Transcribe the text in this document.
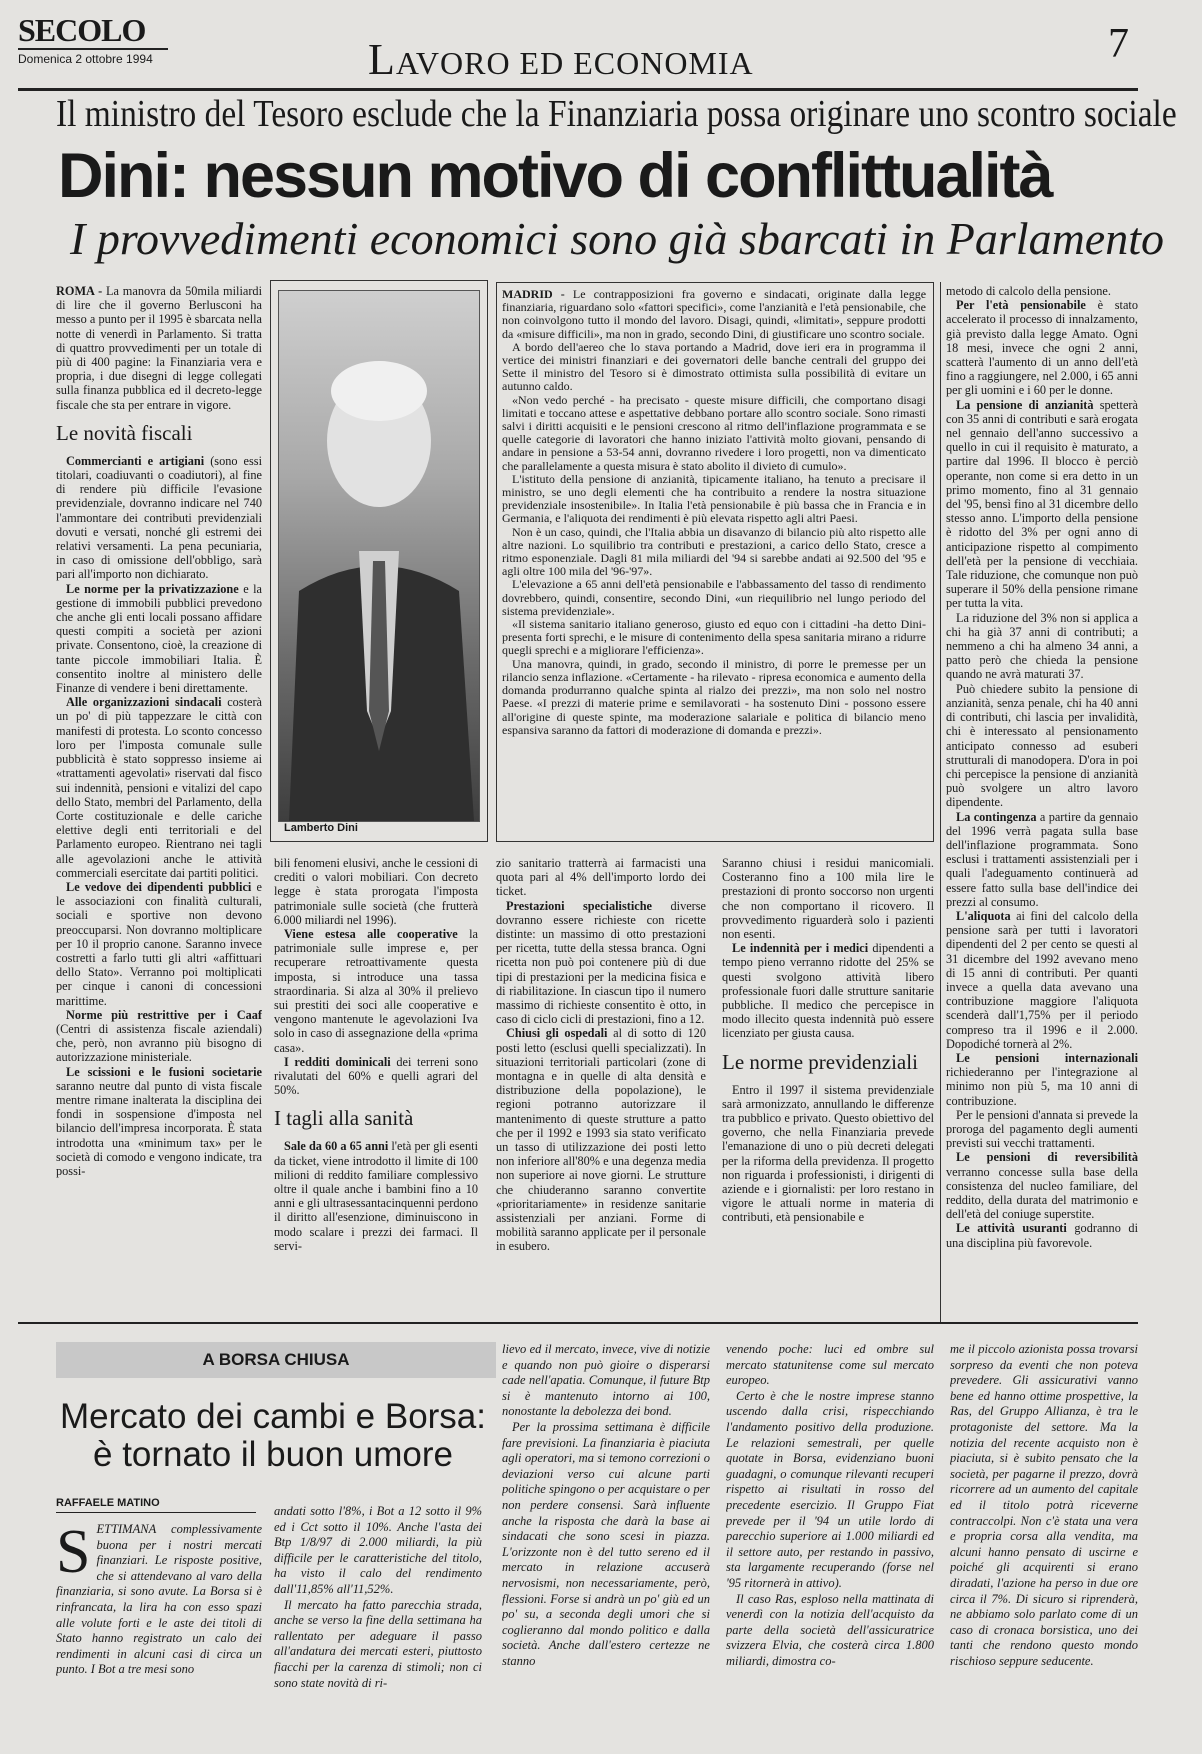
SECOLO
Domenica 2 ottobre 1994	LAVORO ED ECONOMIA	7
Il ministro del Tesoro esclude che la Finanziaria possa originare uno scontro sociale
Dini: nessun motivo di conflittualità
I provvedimenti economici sono già sbarcati in Parlamento

ROMA - La manovra da 50mila miliardi di lire che il governo Berlusconi ha messo a punto per il 1995 è sbarcata nella notte di venerdì in Parlamento. Si tratta di quattro provvedimenti per un totale di più di 400 pagine: la Finanziaria vera e propria, i due disegni di legge collegati sulla finanza pubblica ed il decreto-legge fiscale che sta per entrare in vigore.

Le novità fiscali

Commercianti e artigiani (sono essi titolari, coadiuvanti o coadiutori), al fine di rendere più difficile l'evasione previdenziale, dovranno indicare nel 740 l'ammontare dei contributi previdenziali dovuti e versati, nonché gli estremi dei relativi versamenti. La pena pecuniaria, in caso di omissione dell'obbligo, sarà pari all'importo non dichiarato.

Le norme per la privatizzazione e la gestione di immobili pubblici prevedono che anche gli enti locali possano affidare questi compiti a società per azioni private. Consentono, cioè, la creazione di tante piccole immobiliari Italia. È consentito inoltre al ministero delle Finanze di vendere i beni direttamente.

Alle organizzazioni sindacali costerà un po' di più tappezzare le città con manifesti di protesta. Lo sconto concesso loro per l'imposta comunale sulle pubblicità è stato soppresso insieme ai «trattamenti agevolati» riservati dal fisco sui indennità, pensioni e vitalizi del capo dello Stato, membri del Parlamento, della Corte costituzionale e delle cariche elettive degli enti territoriali e del Parlamento europeo. Rientrano nei tagli alle agevolazioni anche le attività commerciali esercitate dai partiti politici.

Le vedove dei dipendenti pubblici e le associazioni con finalità culturali, sociali e sportive non devono preoccuparsi. Non dovranno moltiplicare per 10 il proprio canone. Saranno invece costretti a farlo tutti gli altri «affittuari dello Stato». Verranno poi moltiplicati per cinque i canoni di concessioni marittime.

Norme più restrittive per i Caaf (Centri di assistenza fiscale aziendali) che, però, non avranno più bisogno di autorizzazione ministeriale.

Le scissioni e le fusioni societarie saranno neutre dal punto di vista fiscale mentre rimane inalterata la disciplina dei fondi in sospensione d'imposta nel bilancio dell'impresa incorporata. È stata introdotta una «minimum tax» per le società di comodo e vengono indicate, tra possi-

Lamberto Dini

MADRID - Le contrapposizioni fra governo e sindacati, originate dalla legge finanziaria, riguardano solo «fattori specifici», come l'anzianità e l'età pensionabile, che non coinvolgono tutto il mondo del lavoro. Disagi, quindi, «limitati», seppure prodotti da «misure difficili», ma non in grado, secondo Dini, di giustificare uno scontro sociale.

A bordo dell'aereo che lo stava portando a Madrid, dove ieri era in programma il vertice dei ministri finanziari e dei governatori delle banche centrali del gruppo dei Sette il ministro del Tesoro si è dimostrato ottimista sulla possibilità di evitare un autunno caldo.

«Non vedo perché - ha precisato - queste misure difficili, che comportano disagi limitati e toccano attese e aspettative debbano portare allo scontro sociale. Sono rimasti salvi i diritti acquisiti e le pensioni crescono al ritmo dell'inflazione programmata e se quelle categorie di lavoratori che hanno iniziato l'attività molto giovani, pensando di andare in pensione a 53-54 anni, dovranno rivedere i loro progetti, non va dimenticato che parallelamente a questa misura è stato abolito il divieto di cumulo».

L'istituto della pensione di anzianità, tipicamente italiano, ha tenuto a precisare il ministro, se uno degli elementi che ha contribuito a rendere la nostra situazione previdenziale insostenibile». In Italia l'età pensionabile è più bassa che in Francia e in Germania, e l'aliquota dei rendimenti è più elevata rispetto agli altri Paesi.

Non è un caso, quindi, che l'Italia abbia un disavanzo di bilancio più alto rispetto alle altre nazioni. Lo squilibrio tra contributi e prestazioni, a carico dello Stato, cresce a ritmo esponenziale. Dagli 81 mila miliardi del '94 si sarebbe andati ai 92.500 del '95 e agli oltre 100 mila del '96-'97».

L'elevazione a 65 anni dell'età pensionabile e l'abbassamento del tasso di rendimento dovrebbero, quindi, consentire, secondo Dini, «un riequilibrio nel lungo periodo del sistema previdenziale».

«Il sistema sanitario italiano generoso, giusto ed equo con i cittadini -ha detto Dini- presenta forti sprechi, e le misure di contenimento della spesa sanitaria mirano a ridurre quegli sprechi e a migliorare l'efficienza».

Una manovra, quindi, in grado, secondo il ministro, di porre le premesse per un rilancio senza inflazione. «Certamente - ha rilevato - ripresa economica e aumento della domanda produrranno qualche spinta al rialzo dei prezzi», ma non solo nel nostro Paese. «I prezzi di materie prime e semilavorati - ha sostenuto Dini - possono essere all'origine di queste spinte, ma moderazione salariale e politica di bilancio meno espansiva saranno da fattori di moderazione di domanda e prezzi».

bili fenomeni elusivi, anche le cessioni di crediti o valori mobiliari. Con decreto legge è stata prorogata l'imposta patrimoniale sulle società (che frutterà 6.000 miliardi nel 1996).

Viene estesa alle cooperative la patrimoniale sulle imprese e, per recuperare retroattivamente questa imposta, si introduce una tassa straordinaria. Si alza al 30% il prelievo sui prestiti dei soci alle cooperative e vengono mantenute le agevolazioni Iva solo in caso di assegnazione della «prima casa».

I redditi dominicali dei terreni sono rivalutati del 60% e quelli agrari del 50%.

I tagli alla sanità

Sale da 60 a 65 anni l'età per gli esenti da ticket, viene introdotto il limite di 100 milioni di reddito familiare complessivo oltre il quale anche i bambini fino a 10 anni e gli ultrasessantacinquenni perdono il diritto all'esenzione, diminuiscono in modo scalare i prezzi dei farmaci. Il servi-

zio sanitario tratterrà ai farmacisti una quota pari al 4% dell'importo lordo dei ticket.

Prestazioni specialistiche diverse dovranno essere richieste con ricette distinte: un massimo di otto prestazioni per ricetta, tutte della stessa branca. Ogni ricetta non può poi contenere più di due tipi di prestazioni per la medicina fisica e di riabilitazione. In ciascun tipo il numero massimo di richieste consentito è otto, in caso di ciclo cicli di prestazioni, fino a 12.

Chiusi gli ospedali al di sotto di 120 posti letto (esclusi quelli specializzati). In situazioni territoriali particolari (zone di montagna e in quelle di alta densità e distribuzione della popolazione), le regioni potranno autorizzare il mantenimento di queste strutture a patto che per il 1992 e 1993 sia stato verificato un tasso di utilizzazione dei posti letto non inferiore all'80% e una degenza media non superiore ai nove giorni. Le strutture che chiuderanno saranno convertite «prioritariamente» in residenze sanitarie assistenziali per anziani. Forme di mobilità saranno applicate per il personale in esubero.

Saranno chiusi i residui manicomiali. Costeranno fino a 100 mila lire le prestazioni di pronto soccorso non urgenti che non comportano il ricovero. Il provvedimento riguarderà solo i pazienti non esenti.

Le indennità per i medici dipendenti a tempo pieno verranno ridotte del 25% se questi svolgono attività libero professionale fuori dalle strutture sanitarie pubbliche. Il medico che percepisce in modo illecito questa indennità può essere licenziato per giusta causa.

Le norme previdenziali

Entro il 1997 il sistema previdenziale sarà armonizzato, annullando le differenze tra pubblico e privato. Questo obiettivo del governo, che nella Finanziaria prevede l'emanazione di uno o più decreti delegati per la riforma della previdenza. Il progetto non riguarda i professionisti, i dirigenti di aziende e i giornalisti: per loro restano in vigore le attuali norme in materia di contributi, età pensionabile e

metodo di calcolo della pensione.

Per l'età pensionabile è stato accelerato il processo di innalzamento, già previsto dalla legge Amato. Ogni 18 mesi, invece che ogni 2 anni, scatterà l'aumento di un anno dell'età fino a raggiungere, nel 2.000, i 65 anni per gli uomini e i 60 per le donne.

La pensione di anzianità spetterà con 35 anni di contributi e sarà erogata nel gennaio dell'anno successivo a quello in cui il requisito è maturato, a partire dal 1996. Il blocco è perciò operante, non come si era detto in un primo momento, fino al 31 gennaio del '95, bensì fino al 31 dicembre dello stesso anno. L'importo della pensione è ridotto del 3% per ogni anno di anticipazione rispetto al compimento dell'età per la pensione di vecchiaia. Tale riduzione, che comunque non può superare il 50% della pensione rimane per tutta la vita.

La riduzione del 3% non si applica a chi ha già 37 anni di contributi; a nemmeno a chi ha almeno 34 anni, a patto però che chieda la pensione quando ne avrà maturati 37.

Può chiedere subito la pensione di anzianità, senza penale, chi ha 40 anni di contributi, chi lascia per invalidità, chi è interessato al pensionamento anticipato connesso ad esuberi strutturali di manodopera. D'ora in poi chi percepisce la pensione di anzianità può svolgere un altro lavoro dipendente.

La contingenza a partire da gennaio del 1996 verrà pagata sulla base dell'inflazione programmata. Sono esclusi i trattamenti assistenziali per i quali l'adeguamento continuerà ad essere fatto sulla base dell'indice dei prezzi al consumo.

L'aliquota ai fini del calcolo della pensione sarà per tutti i lavoratori dipendenti del 2 per cento se questi al 31 dicembre del 1992 avevano meno di 15 anni di contributi. Per quanti invece a quella data avevano una contribuzione maggiore l'aliquota scenderà dall'1,75% per il periodo compreso tra il 1996 e il 2.000. Dopodiché tornerà al 2%.

Le pensioni internazionali richiederanno per l'integrazione al minimo non più 5, ma 10 anni di contribuzione.

Per le pensioni d'annata si prevede la proroga del pagamento degli aumenti previsti sui vecchi trattamenti.

Le pensioni di reversibilità verranno concesse sulla base della consistenza del nucleo familiare, del reddito, della durata del matrimonio e dell'età del coniuge superstite.

Le attività usuranti godranno di una disciplina più favorevole.

A BORSA CHIUSA
Mercato dei cambi e Borsa: è tornato il buon umore
RAFFAELE MATINO

SETTIMANA complessivamente buona per i nostri mercati finanziari. Le risposte positive, che si attendevano al varo della finanziaria, si sono avute. La Borsa si è rinfrancata, la lira ha con esso spazi alle volute forti e le aste dei titoli di Stato hanno registrato un calo dei rendimenti in alcuni casi di circa un punto. I Bot a tre mesi sono

andati sotto l'8%, i Bot a 12 sotto il 9% ed i Cct sotto il 10%. Anche l'asta dei Btp 1/8/97 di 2.000 miliardi, la più difficile per le caratteristiche del titolo, ha visto il calo del rendimento dall'11,85% all'11,52%.

Il mercato ha fatto parecchia strada, anche se verso la fine della settimana ha rallentato per adeguare il passo all'andatura dei mercati esteri, piuttosto fiacchi per la carenza di stimoli; non ci sono state novità di ri-

lievo ed il mercato, invece, vive di notizie e quando non può gioire o disperarsi cade nell'apatia. Comunque, il future Btp si è mantenuto intorno ai 100, nonostante la debolezza dei bond.

Per la prossima settimana è difficile fare previsioni. La finanziaria è piaciuta agli operatori, ma si temono correzioni o deviazioni verso cui alcune parti politiche spingono o per acquistare o per non perdere consensi. Sarà influente anche la risposta che darà la base ai sindacati che sono scesi in piazza. L'orizzonte non è del tutto sereno ed il mercato in relazione accuserà nervosismi, non necessariamente, però, flessioni. Forse si andrà un po' giù ed un po' su, a seconda degli umori che si coglieranno dal mondo politico e dalla società. Anche dall'estero certezze ne stanno

venendo poche: luci ed ombre sul mercato statunitense come sul mercato europeo.

Certo è che le nostre imprese stanno uscendo dalla crisi, rispecchiando l'andamento positivo della produzione. Le relazioni semestrali, per quelle quotate in Borsa, evidenziano buoni guadagni, o comunque rilevanti recuperi rispetto ai risultati in rosso del precedente esercizio. Il Gruppo Fiat prevede per il '94 un utile lordo di parecchio superiore ai 1.000 miliardi ed il settore auto, per restando in passivo, sta largamente recuperando (forse nel '95 ritornerà in attivo).

Il caso Ras, esploso nella mattinata di venerdì con la notizia dell'acquisto da parte della società dell'assicuratrice svizzera Elvia, che costerà circa 1.800 miliardi, dimostra co-

me il piccolo azionista possa trovarsi sorpreso da eventi che non poteva prevedere. Gli assicurativi vanno bene ed hanno ottime prospettive, la Ras, del Gruppo Allianza, è tra le protagoniste del settore. Ma la notizia del recente acquisto non è piaciuta, si è subito pensato che la società, per pagarne il prezzo, dovrà ricorrere ad un aumento del capitale ed il titolo potrà riceverne contraccolpi. Non c'è stata una vera e propria corsa alla vendita, ma alcuni hanno pensato di uscirne e poiché gli acquirenti si erano diradati, l'azione ha perso in due ore circa il 7%. Di sicuro si riprenderà, ne abbiamo solo parlato come di un caso di cronaca borsistica, uno dei tanti che rendono questo mondo rischioso seppure seducente.
